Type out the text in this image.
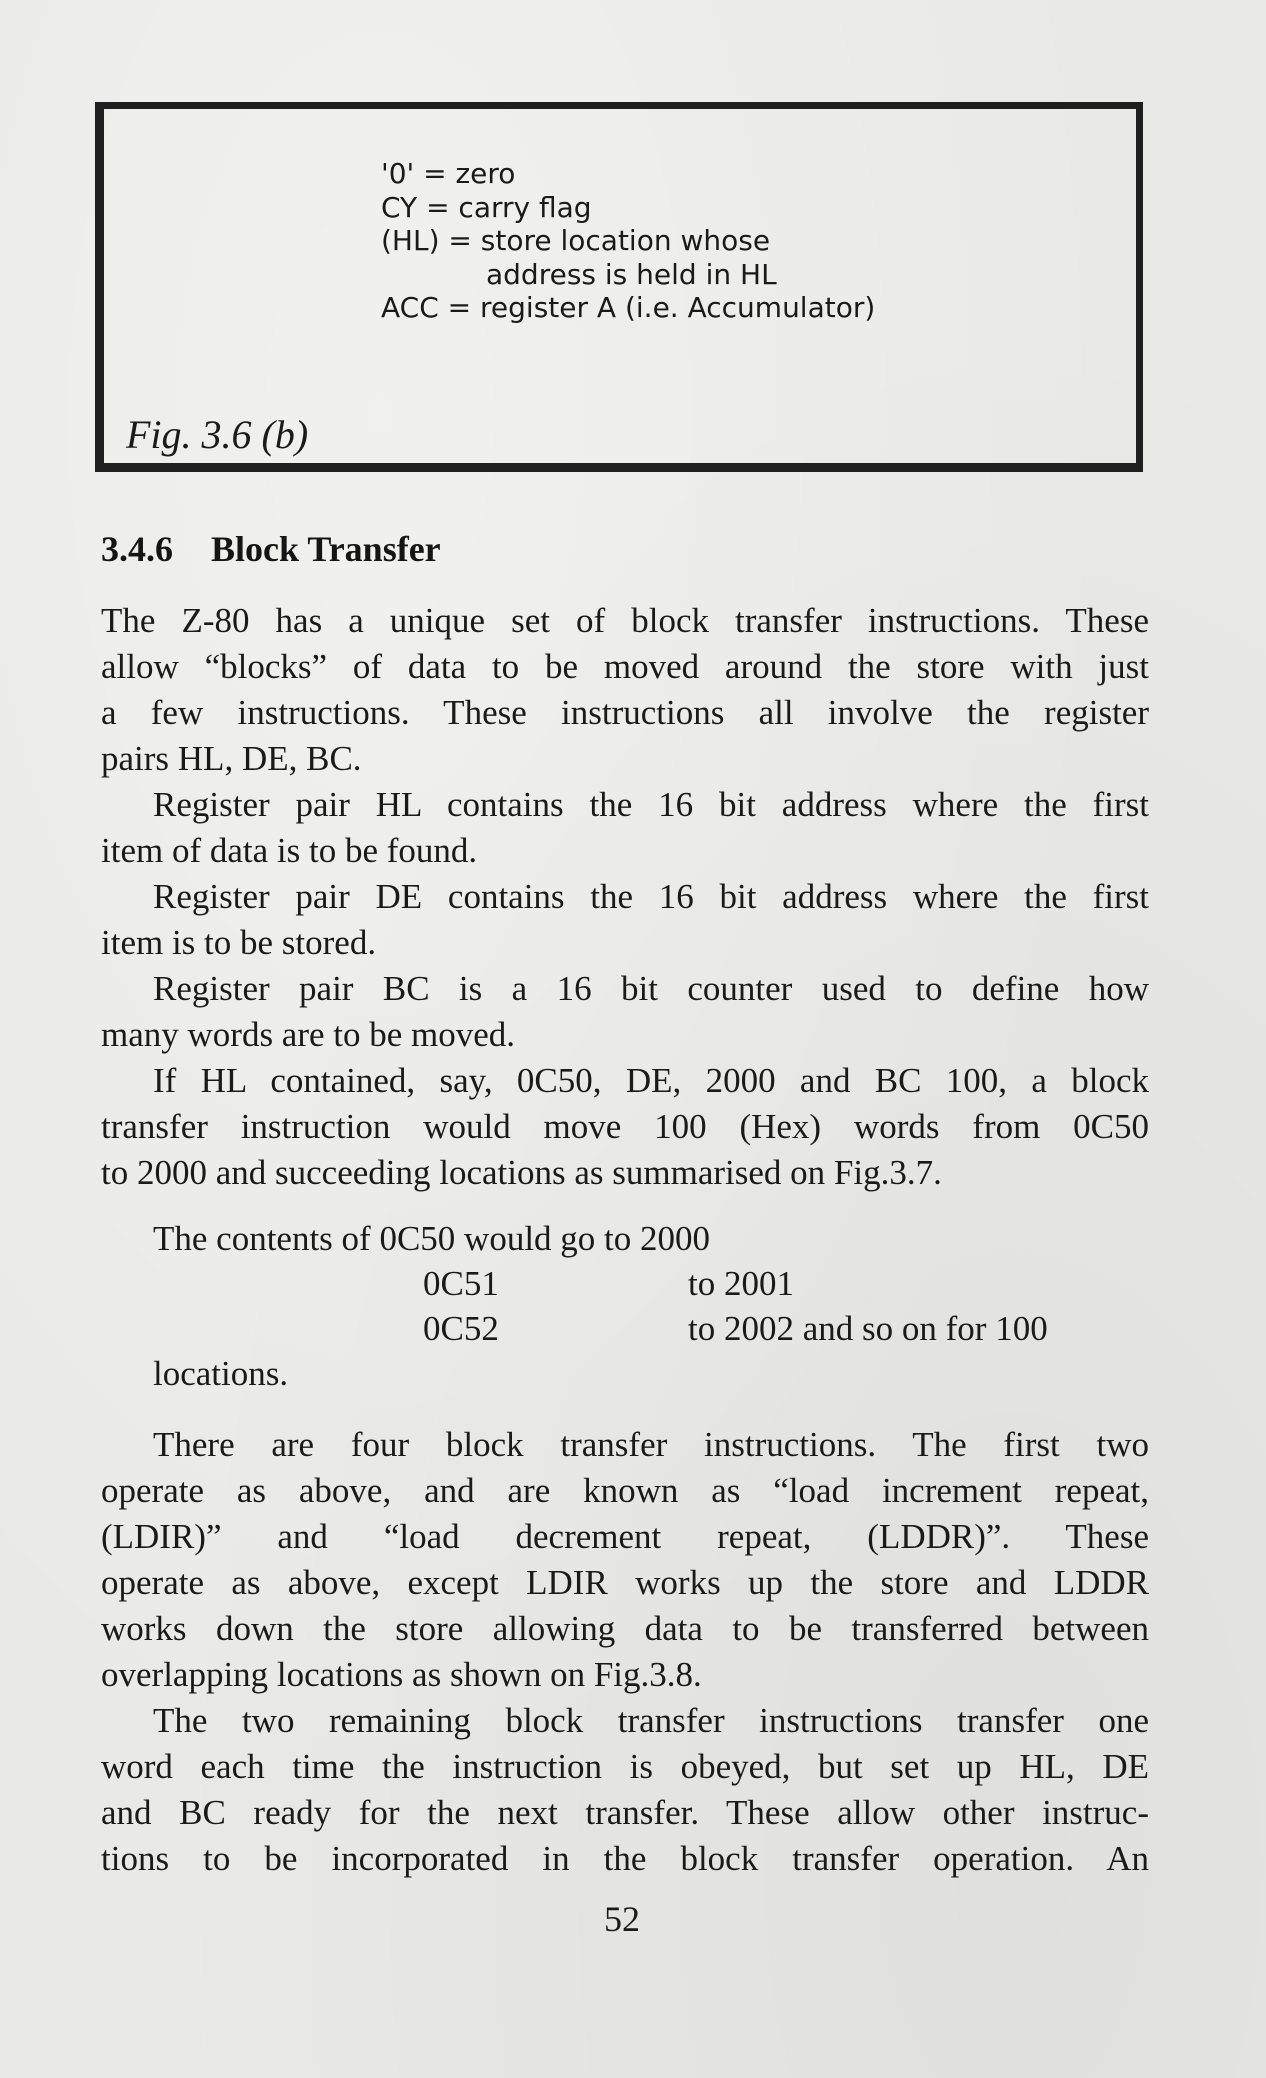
'0' = zero
CY = carry flag
(HL) = store location whose
address is held in HL
ACC = register A (i.e. Accumulator)
Fig. 3.6 (b)
3.4.6 Block Transfer
The Z-80 has a unique set of block transfer instructions. These
allow “blocks” of data to be moved around the store with just
a few instructions. These instructions all involve the register
pairs HL, DE, BC.
Register pair HL contains the 16 bit address where the first
item of data is to be found.
Register pair DE contains the 16 bit address where the first
item is to be stored.
Register pair BC is a 16 bit counter used to define how
many words are to be moved.
If HL contained, say, 0C50, DE, 2000 and BC 100, a block
transfer instruction would move 100 (Hex) words from 0C50
to 2000 and succeeding locations as summarised on Fig.3.7.
The contents of 0C50 would go to 2000
0C51	to 2001
0C52	to 2002 and so on for 100
locations.
There are four block transfer instructions. The first two
operate as above, and are known as “load increment repeat,
(LDIR)” and “load decrement repeat, (LDDR)”. These
operate as above, except LDIR works up the store and LDDR
works down the store allowing data to be transferred between
overlapping locations as shown on Fig.3.8.
The two remaining block transfer instructions transfer one
word each time the instruction is obeyed, but set up HL, DE
and BC ready for the next transfer. These allow other instruc-
tions to be incorporated in the block transfer operation. An
52
